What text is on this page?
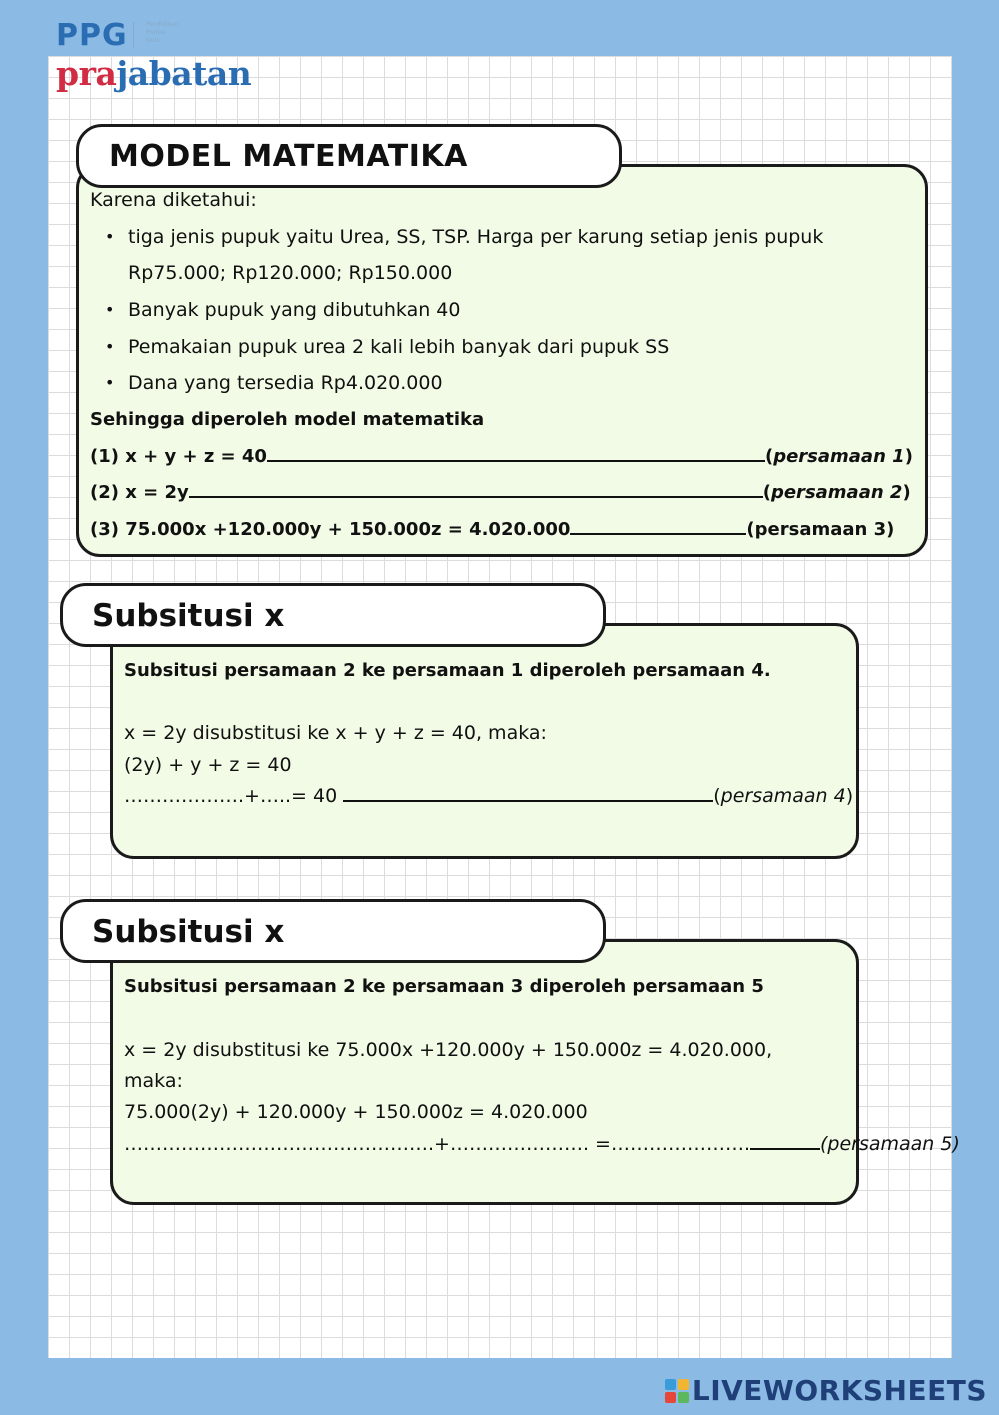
PPG	Pendidikan
Profesi
Guru
prajabatan
MODEL MATEMATIKA
Karena diketahui:
• tiga jenis pupuk yaitu Urea, SS, TSP. Harga per karung setiap jenis pupuk
Rp75.000; Rp120.000; Rp150.000
• Banyak pupuk yang dibutuhkan 40
• Pemakaian pupuk urea 2 kali lebih banyak dari pupuk SS
• Dana yang tersedia Rp4.020.000
Sehingga diperoleh model matematika
(1) x + y + z = 40	(persamaan 1)
(2) x = 2y	(persamaan 2)
(3) 75.000x +120.000y + 150.000z = 4.020.000	(persamaan 3)
Subsitusi x
Subsitusi persamaan 2 ke persamaan 1 diperoleh persamaan 4.
x = 2y disubstitusi ke x + y + z = 40, maka:
(2y) + y + z = 40
……………….+…..= 40	(persamaan 4)
Subsitusi x
Subsitusi persamaan 2 ke persamaan 3 diperoleh persamaan 5
x = 2y disubstitusi ke 75.000x +120.000y + 150.000z = 4.020.000,
maka:
75.000(2y) + 120.000y + 150.000z = 4.020.000
………………………………………….+…………………. =………………….	(persamaan 5)
LIVEWORKSHEETS
